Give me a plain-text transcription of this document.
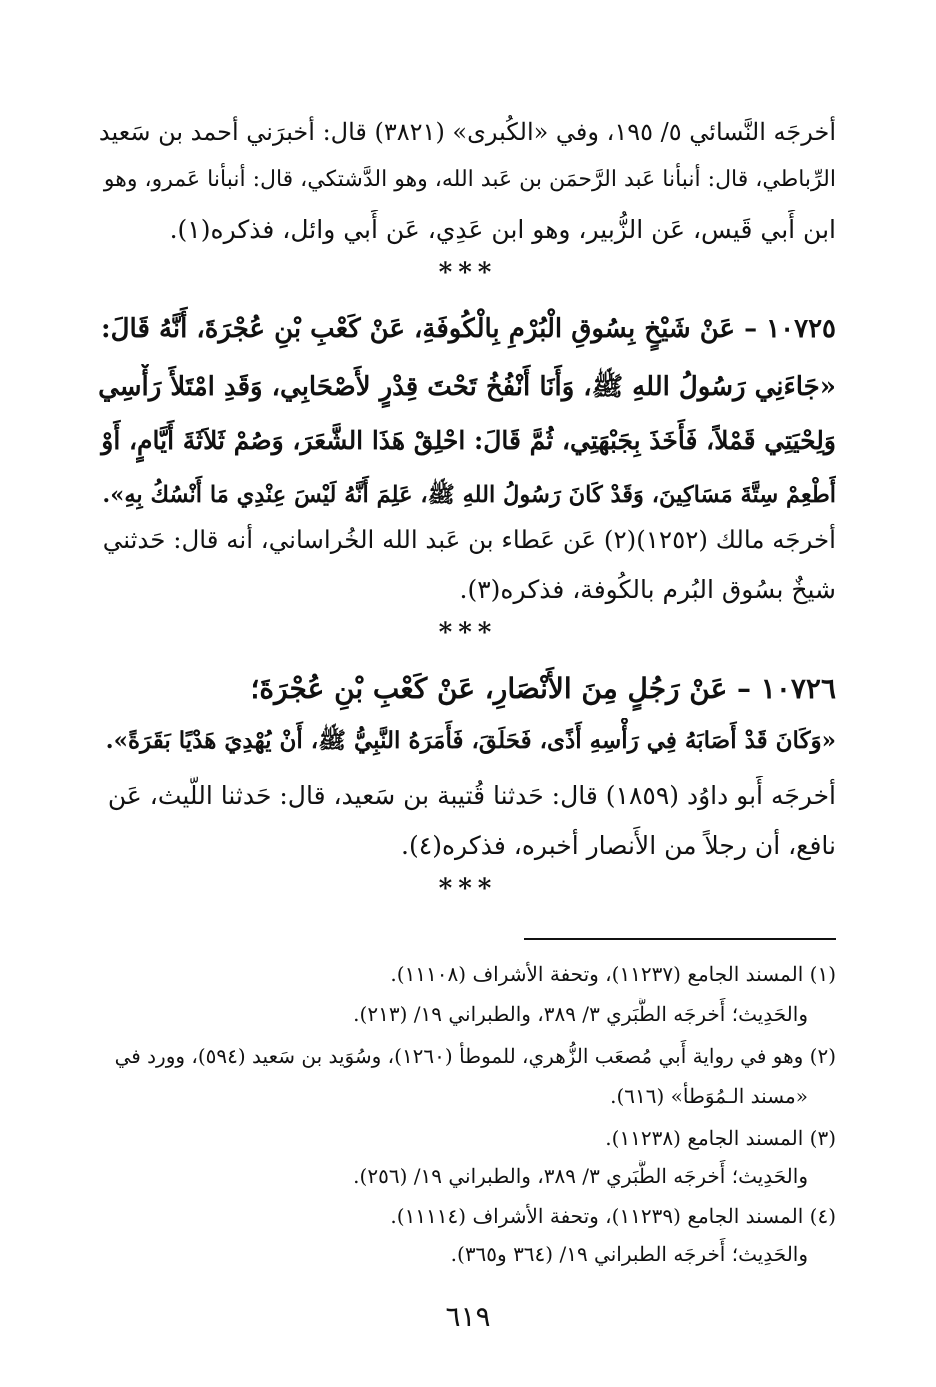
أخرجَه النَّسائي ٥/ ١٩٥، وفي «الكُبرى» (٣٨٢١) قال: أخبرَني أحمد بن سَعيد
الرِّباطي، قال: أنبأنا عَبد الرَّحمَن بن عَبد الله، وهو الدَّشتكي، قال: أنبأنا عَمرو، وهو
ابن أَبي قَيس، عَن الزُّبير، وهو ابن عَدِي، عَن أَبي وائل، فذكره(١).
***
١٠٧٢٥ – عَنْ شَيْخٍ بِسُوقِ الْبُرْمِ بِالْكُوفَةِ، عَنْ كَعْبِ بْنِ عُجْرَةَ، أَنَّهُ قَالَ:
«جَاءَنِي رَسُولُ اللهِ ﷺ، وَأَنَا أَنْفُخُ تَحْتَ قِدْرٍ لأَصْحَابِي، وَقَدِ امْتَلأَ رَأْسِي
وَلِحْيَتِي قَمْلاً، فَأَخَذَ بِجَبْهَتِي، ثُمَّ قَالَ: احْلِقْ هَذَا الشَّعَرَ، وَصُمْ ثَلاَثَةَ أَيَّامٍ، أَوْ
أَطْعِمْ سِتَّةَ مَسَاكِينَ، وَقَدْ كَانَ رَسُولُ اللهِ ﷺ، عَلِمَ أَنَّهُ لَيْسَ عِنْدِي مَا أَنْسُكُ بِهِ».
أخرجَه مالك (١٢٥٢)(٢) عَن عَطاء بن عَبد الله الخُراساني، أنه قال: حَدثني
شيخٌ بسُوق البُرم بالكُوفة، فذكره(٣).
***
١٠٧٢٦ – عَنْ رَجُلٍ مِنَ الأَنْصَارِ، عَنْ كَعْبِ بْنِ عُجْرَةَ؛
«وَكَانَ قَدْ أَصَابَهُ فِي رَأْسِهِ أَذًى، فَحَلَقَ، فَأَمَرَهُ النَّبِيُّ ﷺ، أَنْ يُهْدِيَ هَدْيًا بَقَرَةً».
أخرجَه أَبو داوُد (١٨٥٩) قال: حَدثنا قُتيبة بن سَعيد، قال: حَدثنا اللَّيث، عَن
نافع، أن رجلاً من الأَنصار أخبره، فذكره(٤).
***
(١) المسند الجامع (١١٢٣٧)، وتحفة الأشراف (١١١٠٨).
والحَدِيث؛ أَخرجَه الطَّبَري ٣/ ٣٨٩، والطبراني ١٩/ (٢١٣).
(٢) وهو في رواية أَبي مُصعَب الزُّهري، للموطأ (١٢٦٠)، وسُوَيد بن سَعيد (٥٩٤)، وورد في
«مسند الـمُوَطأ» (٦١٦).
(٣) المسند الجامع (١١٢٣٨).
والحَدِيث؛ أَخرجَه الطَّبَري ٣/ ٣٨٩، والطبراني ١٩/ (٢٥٦).
(٤) المسند الجامع (١١٢٣٩)، وتحفة الأشراف (١١١١٤).
والحَدِيث؛ أَخرجَه الطبراني ١٩/ (٣٦٤ و٣٦٥).
٦١٩
